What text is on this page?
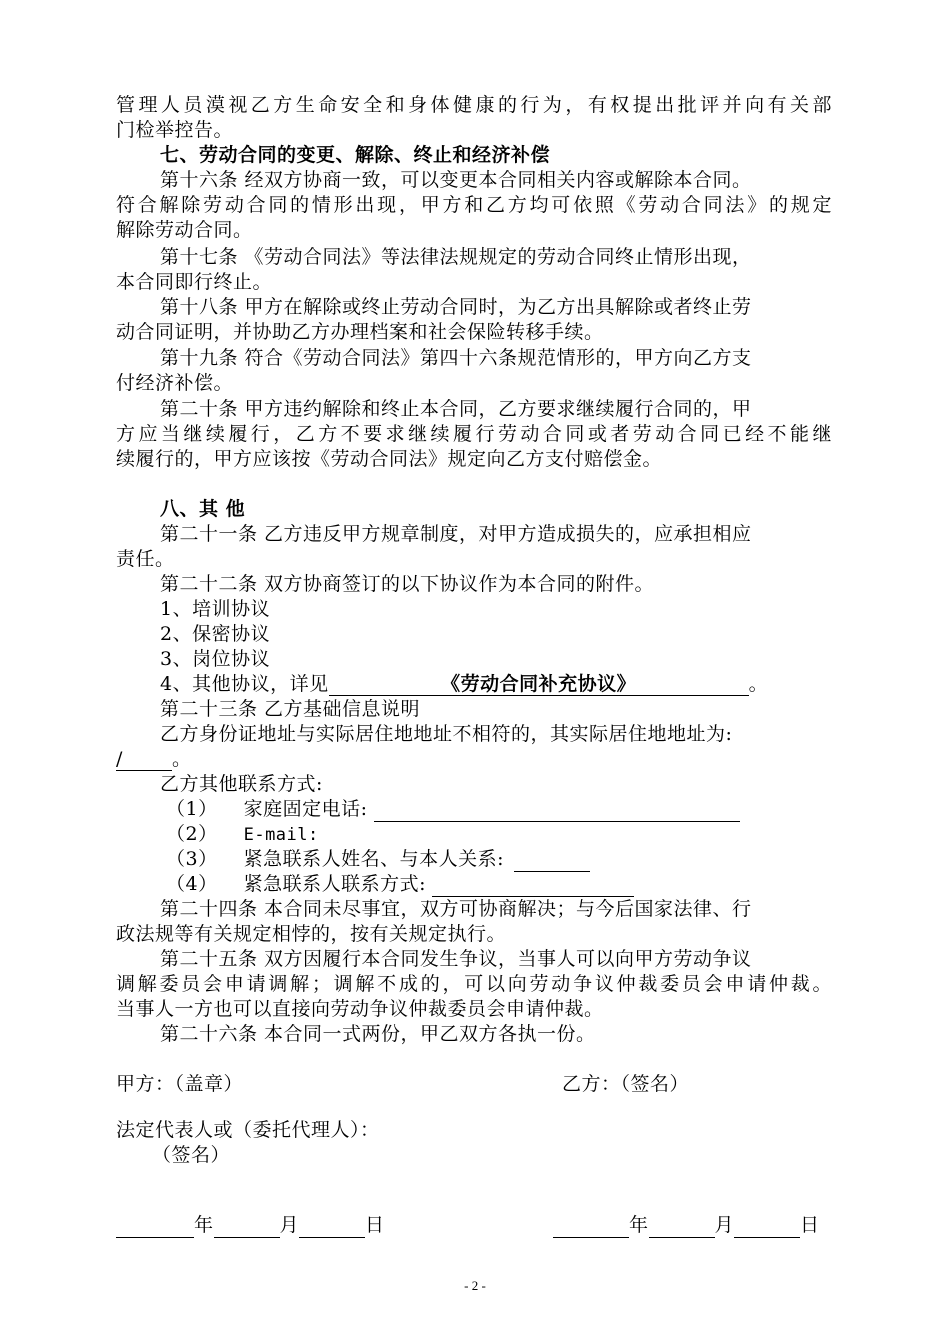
管理人员漠视乙方生命安全和身体健康的行为，有权提出批评并向有关部
门检举控告。
七、劳动合同的变更、解除、终止和经济补偿
第十六条 经双方协商一致，可以变更本合同相关内容或解除本合同。
符合解除劳动合同的情形出现，甲方和乙方均可依照《劳动合同法》的规定
解除劳动合同。
第十七条 《劳动合同法》等法律法规规定的劳动合同终止情形出现，
本合同即行终止。
第十八条 甲方在解除或终止劳动合同时，为乙方出具解除或者终止劳
动合同证明，并协助乙方办理档案和社会保险转移手续。
第十九条 符合《劳动合同法》第四十六条规范情形的，甲方向乙方支
付经济补偿。
第二十条 甲方违约解除和终止本合同，乙方要求继续履行合同的，甲
方应当继续履行，乙方不要求继续履行劳动合同或者劳动合同已经不能继
续履行的，甲方应该按《劳动合同法》规定向乙方支付赔偿金。
八、其 他
第二十一条 乙方违反甲方规章制度，对甲方造成损失的，应承担相应
责任。
第二十二条 双方协商签订的以下协议作为本合同的附件。
1、培训协议
2、保密协议
3、岗位协议
4、其他协议，详见	《劳动合同补充协议》	。
第二十三条 乙方基础信息说明
乙方身份证地址与实际居住地地址不相符的，其实际居住地地址为:
/	。
乙方其他联系方式:
（1） 家庭固定电话:
（2） E-mail:
（3） 紧急联系人姓名、与本人关系:
（4） 紧急联系人联系方式:
第二十四条 本合同未尽事宜，双方可协商解决；与今后国家法律、行
政法规等有关规定相悖的，按有关规定执行。
第二十五条 双方因履行本合同发生争议，当事人可以向甲方劳动争议
调解委员会申请调解；调解不成的，可以向劳动争议仲裁委员会申请仲裁。
当事人一方也可以直接向劳动争议仲裁委员会申请仲裁。
第二十六条 本合同一式两份，甲乙双方各执一份。
甲方：（盖章）	乙方：（签名）
法定代表人或（委托代理人）：
（签名）
年	月	日	年	月	日
- 2 -
